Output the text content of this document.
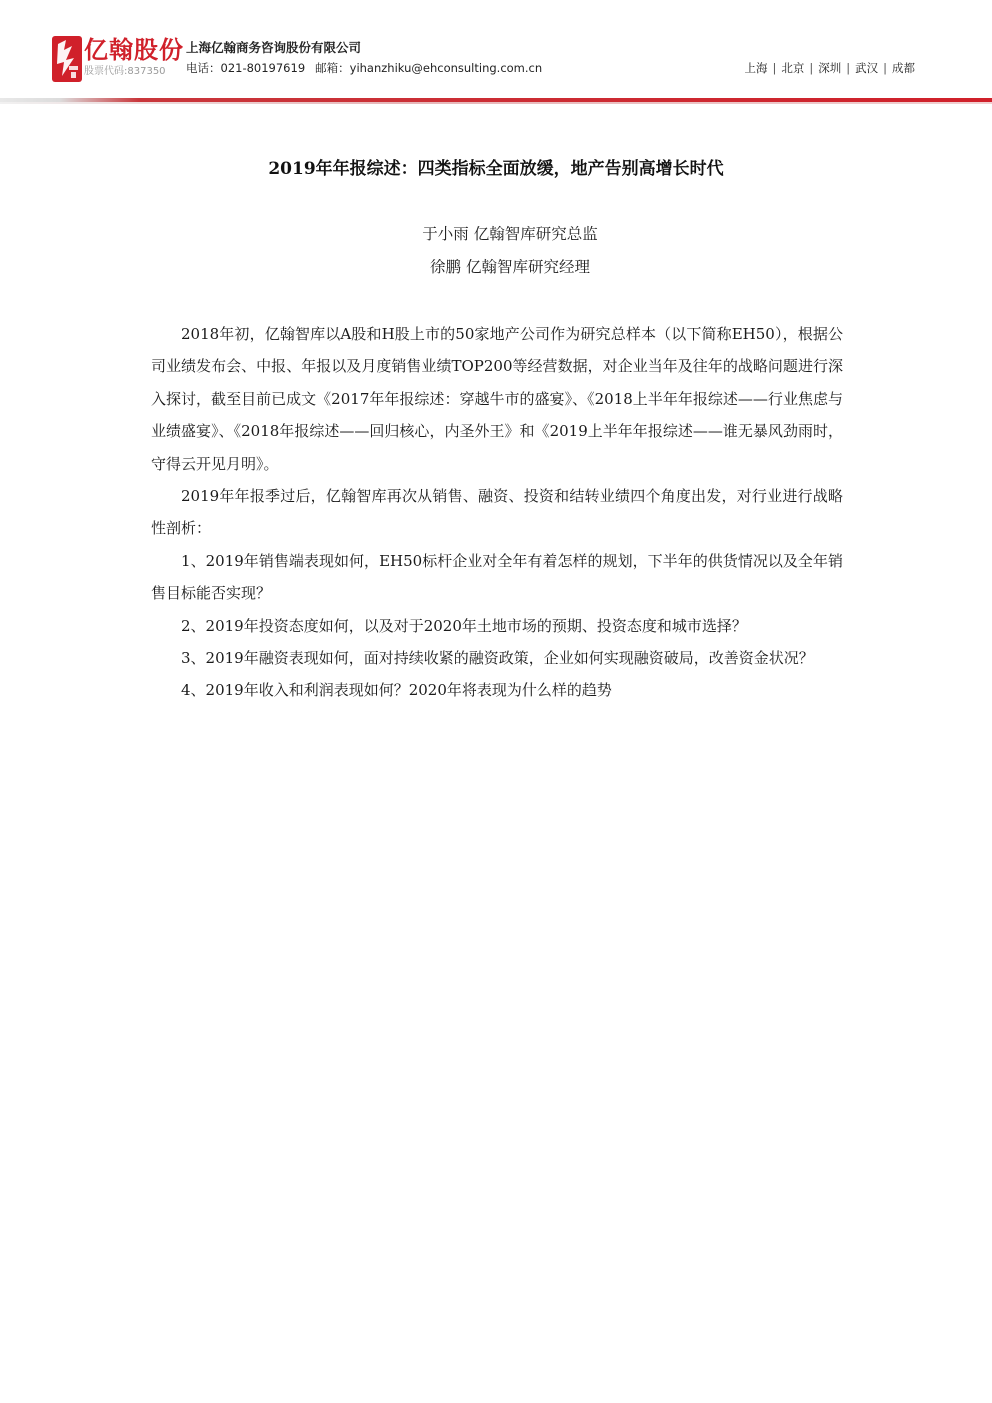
亿翰股份
股票代码:837350
上海亿翰商务咨询股份有限公司
电话：021-80197619 邮箱：yihanzhiku@ehconsulting.com.cn	上海 | 北京 | 深圳 | 武汉 | 成都
2019年年报综述：四类指标全面放缓，地产告别高增长时代
于小雨 亿翰智库研究总监
徐鹏 亿翰智库研究经理

2018年初，亿翰智库以A股和H股上市的50家地产公司作为研究总样本（以下简称EH50），根据公司业绩发布会、中报、年报以及月度销售业绩TOP200等经营数据，对企业当年及往年的战略问题进行深入探讨，截至目前已成文《2017年年报综述：穿越牛市的盛宴》、《2018上半年年报综述——行业焦虑与业绩盛宴》、《2018年报综述——回归核心，内圣外王》和《2019上半年年报综述——谁无暴风劲雨时，守得云开见月明》。

2019年年报季过后，亿翰智库再次从销售、融资、投资和结转业绩四个角度出发，对行业进行战略性剖析：

1、2019年销售端表现如何，EH50标杆企业对全年有着怎样的规划，下半年的供货情况以及全年销售目标能否实现？

2、2019年投资态度如何，以及对于2020年土地市场的预期、投资态度和城市选择？

3、2019年融资表现如何，面对持续收紧的融资政策，企业如何实现融资破局，改善资金状况？

4、2019年收入和利润表现如何？2020年将表现为什么样的趋势
